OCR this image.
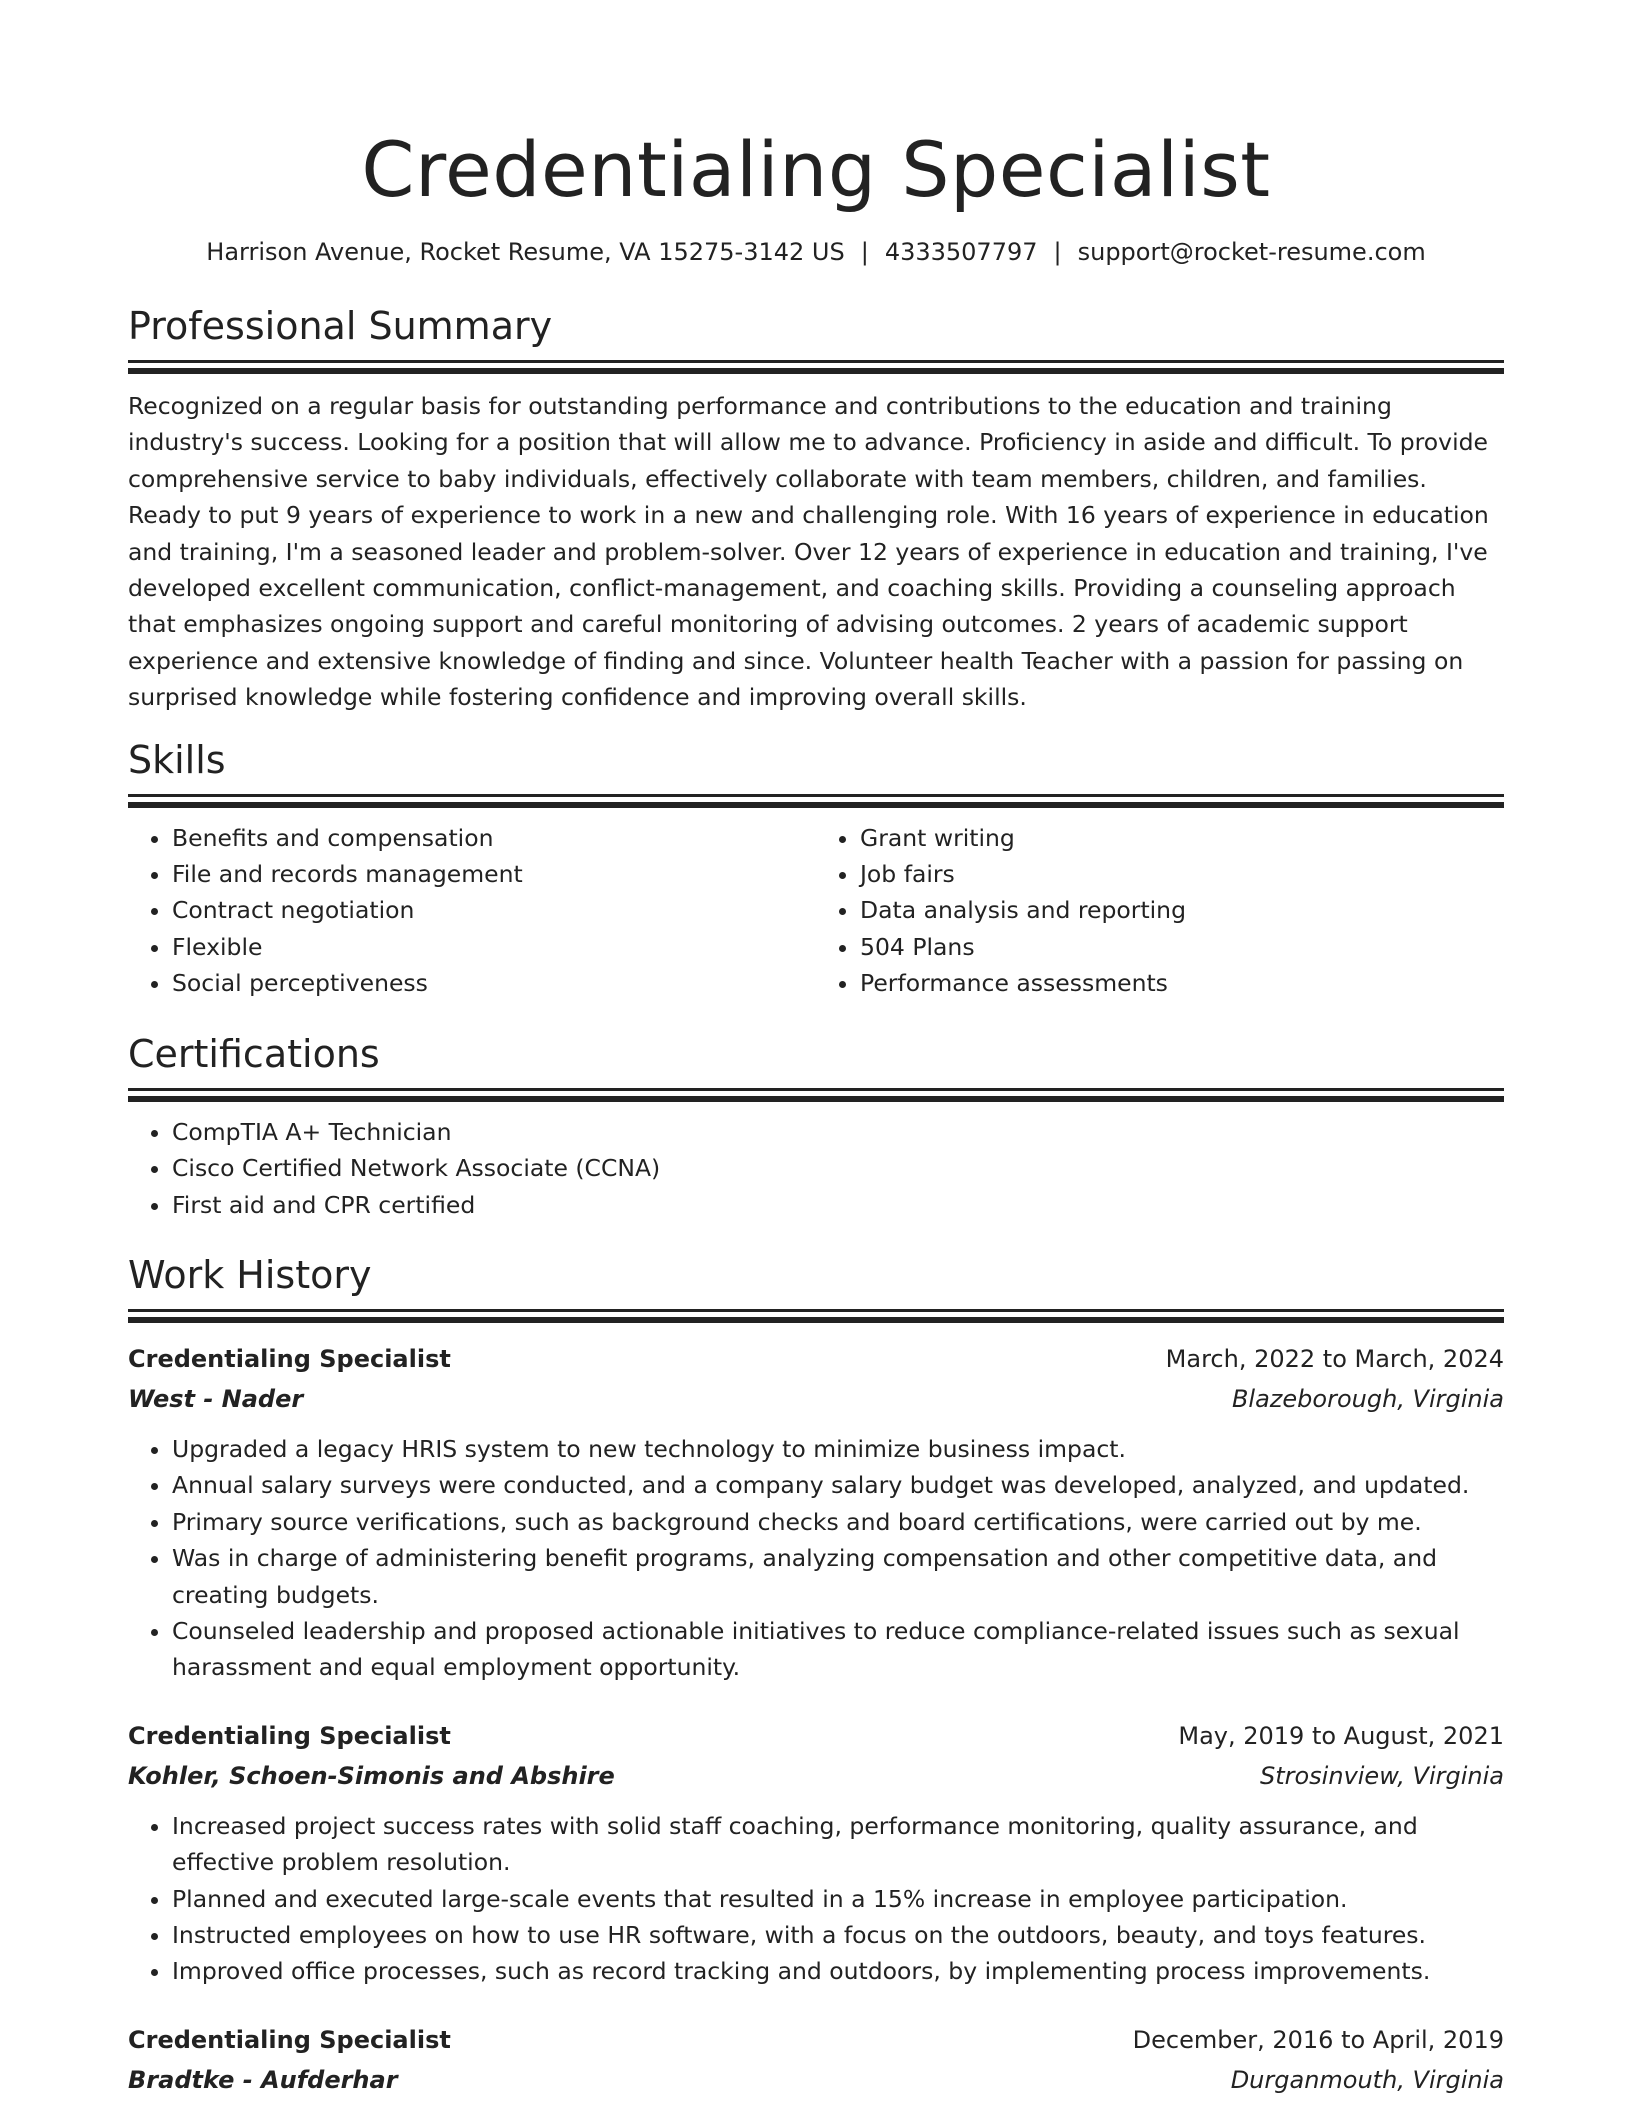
Credentialing Specialist
Harrison Avenue, Rocket Resume, VA 15275-3142 US | 4333507797 | support@rocket-resume.com
Professional Summary

Recognized on a regular basis for outstanding performance and contributions to the education and training industry's success. Looking for a position that will allow me to advance. Proficiency in aside and difficult. To provide comprehensive service to baby individuals, effectively collaborate with team members, children, and families. Ready to put 9 years of experience to work in a new and challenging role. With 16 years of experience in education and training, I'm a seasoned leader and problem-solver. Over 12 years of experience in education and training, I've developed excellent communication, conflict-management, and coaching skills. Providing a counseling approach that emphasizes ongoing support and careful monitoring of advising outcomes. 2 years of academic support experience and extensive knowledge of finding and since. Volunteer health Teacher with a passion for passing on surprised knowledge while fostering confidence and improving overall skills.

Skills
• Benefits and compensation
• File and records management
• Contract negotiation
• Flexible
• Social perceptiveness
• Grant writing
• Job fairs
• Data analysis and reporting
• 504 Plans
• Performance assessments
Certifications
• CompTIA A+ Technician
• Cisco Certified Network Associate (CCNA)
• First aid and CPR certified
Work History
Credentialing Specialist	March, 2022 to March, 2024
West - Nader	Blazeborough, Virginia
• Upgraded a legacy HRIS system to new technology to minimize business impact.
• Annual salary surveys were conducted, and a company salary budget was developed, analyzed, and updated.
• Primary source verifications, such as background checks and board certifications, were carried out by me.
• Was in charge of administering benefit programs, analyzing compensation and other competitive data, and creating budgets.
• Counseled leadership and proposed actionable initiatives to reduce compliance-related issues such as sexual harassment and equal employment opportunity.
Credentialing Specialist	May, 2019 to August, 2021
Kohler, Schoen-Simonis and Abshire	Strosinview, Virginia
• Increased project success rates with solid staff coaching, performance monitoring, quality assurance, and effective problem resolution.
• Planned and executed large-scale events that resulted in a 15% increase in employee participation.
• Instructed employees on how to use HR software, with a focus on the outdoors, beauty, and toys features.
• Improved office processes, such as record tracking and outdoors, by implementing process improvements.
Credentialing Specialist	December, 2016 to April, 2019
Bradtke - Aufderhar	Durganmouth, Virginia
